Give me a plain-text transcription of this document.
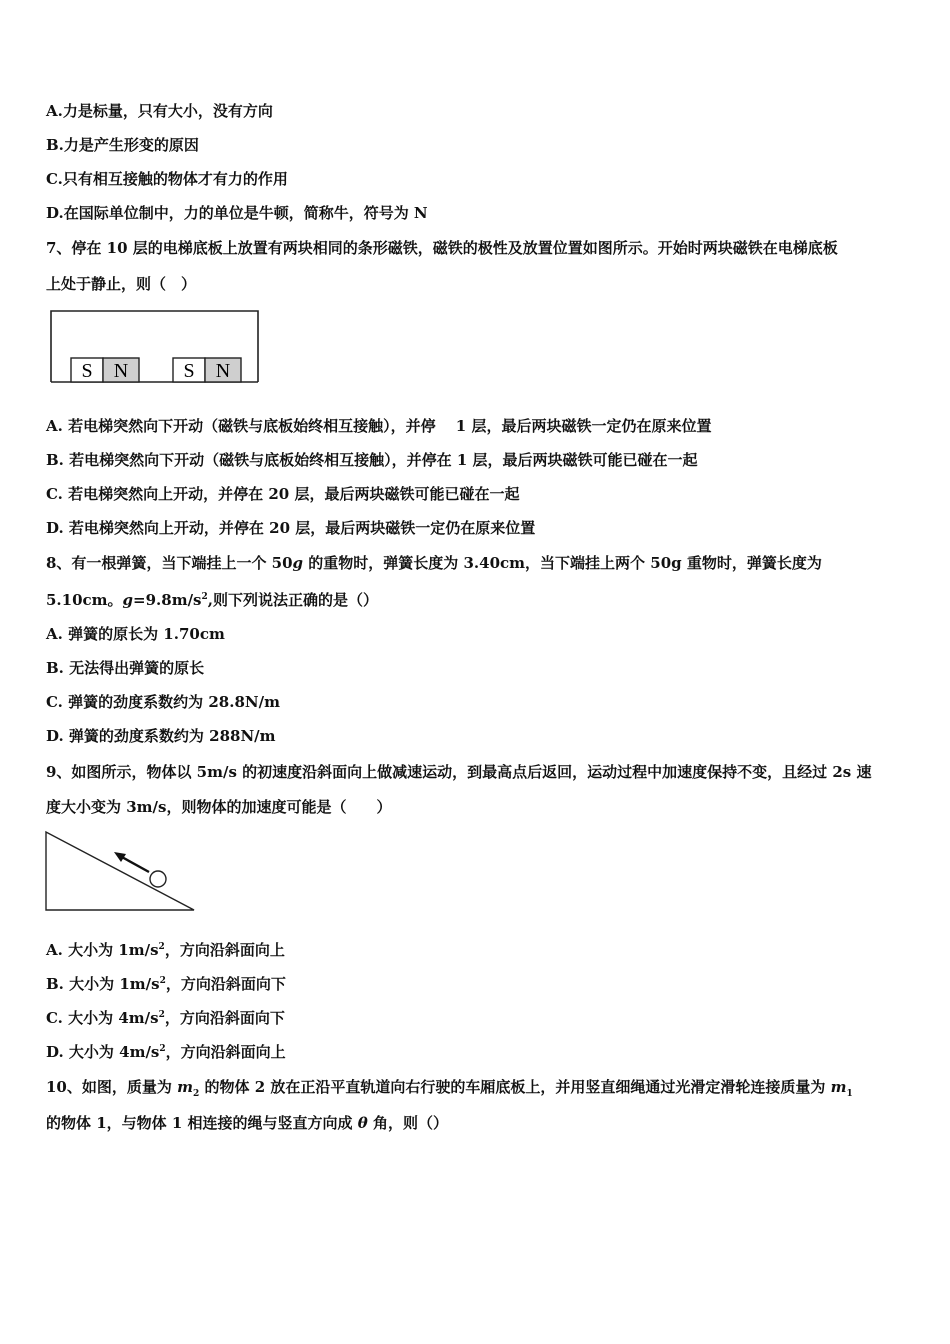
A.力是标量，只有大小，没有方向
B.力是产生形变的原因
C.只有相互接触的物体才有力的作用
D.在国际单位制中，力的单位是牛顿，简称牛，符号为 N
7、停在 10 层的电梯底板上放置有两块相同的条形磁铁，磁铁的极性及放置位置如图所示。开始时两块磁铁在电梯底板
上处于静止，则（　）
S N	S N
A. 若电梯突然向下开动（磁铁与底板始终相互接触），并停　 1 层，最后两块磁铁一定仍在原来位置
B. 若电梯突然向下开动（磁铁与底板始终相互接触），并停在 1 层，最后两块磁铁可能已碰在一起
C. 若电梯突然向上开动，并停在 20 层，最后两块磁铁可能已碰在一起
D. 若电梯突然向上开动，并停在 20 层，最后两块磁铁一定仍在原来位置
8、有一根弹簧，当下端挂上一个 50g 的重物时，弹簧长度为 3.40cm，当下端挂上两个 50g 重物时，弹簧长度为
5.10cm。$g=9.8m/s^2$,则下列说法正确的是（）
A. 弹簧的原长为 1.70cm
B. 无法得出弹簧的原长
C. 弹簧的劲度系数约为 28.8N/m
D. 弹簧的劲度系数约为 288N/m
9、如图所示，物体以 5m/s 的初速度沿斜面向上做减速运动，到最高点后返回，运动过程中加速度保持不变，且经过 2s 速
度大小变为 3m/s，则物体的加速度可能是（　　）
A. 大小为 $1m/s^2$，方向沿斜面向上
B. 大小为 $1m/s^2$，方向沿斜面向下
C. 大小为 $4m/s^2$，方向沿斜面向下
D. 大小为 $4m/s^2$，方向沿斜面向上
10、如图，质量为 $m_2$ 的物体 2 放在正沿平直轨道向右行驶的车厢底板上，并用竖直细绳通过光滑定滑轮连接质量为 $m_1$
的物体 1，与物体 1 相连接的绳与竖直方向成 θ 角，则（）
